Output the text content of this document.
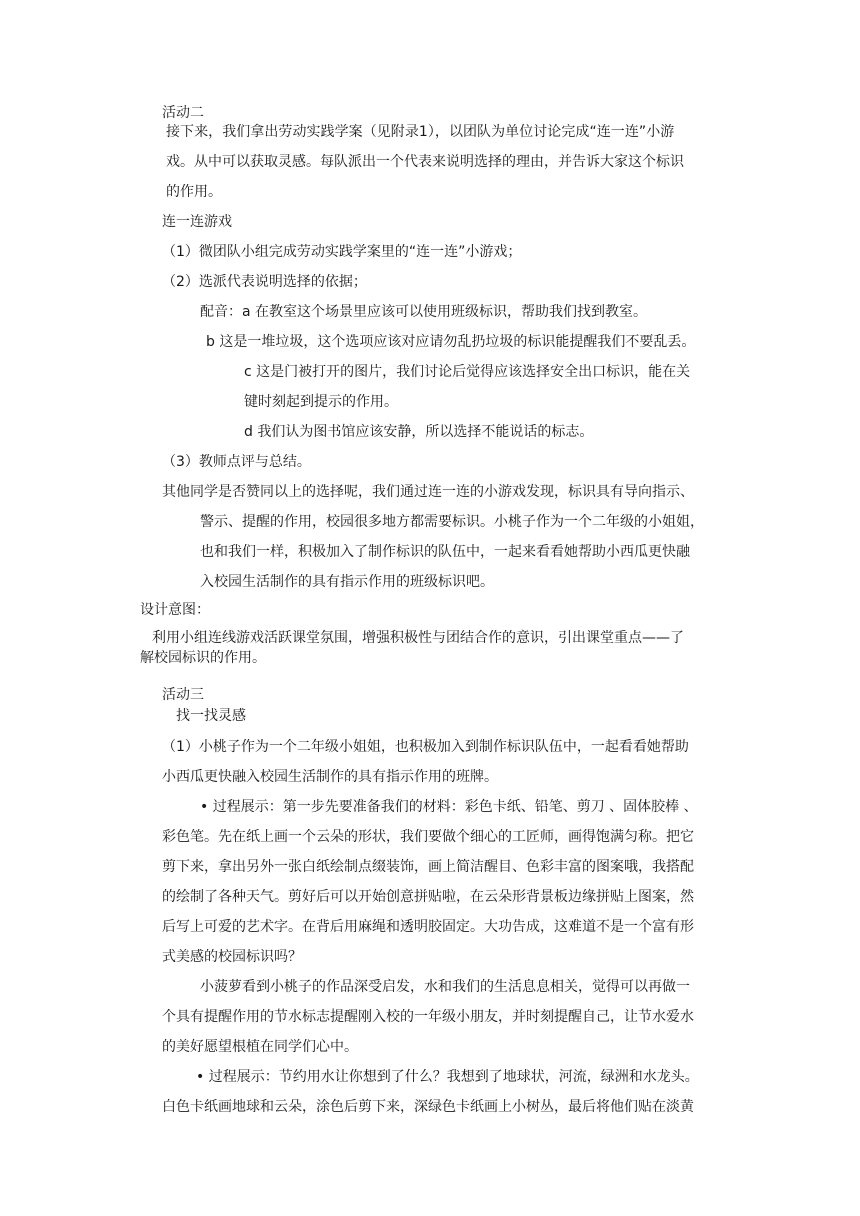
活动二
接下来，我们拿出劳动实践学案（见附录1），以团队为单位讨论完成“连一连”小游
戏。从中可以获取灵感。每队派出一个代表来说明选择的理由，并告诉大家这个标识
的作用。
连一连游戏
（1）微团队小组完成劳动实践学案里的“连一连”小游戏；
（2）选派代表说明选择的依据；
配音：a 在教室这个场景里应该可以使用班级标识，帮助我们找到教室。
b 这是一堆垃圾，这个选项应该对应请勿乱扔垃圾的标识能提醒我们不要乱丢。
c 这是门被打开的图片，我们讨论后觉得应该选择安全出口标识，能在关
键时刻起到提示的作用。
d 我们认为图书馆应该安静，所以选择不能说话的标志。
（3）教师点评与总结。
其他同学是否赞同以上的选择呢，我们通过连一连的小游戏发现，标识具有导向指示、
警示、提醒的作用，校园很多地方都需要标识。小桃子作为一个二年级的小姐姐，
也和我们一样，积极加入了制作标识的队伍中，一起来看看她帮助小西瓜更快融
入校园生活制作的具有指示作用的班级标识吧。
设计意图：
利用小组连线游戏活跃课堂氛围，增强积极性与团结合作的意识，引出课堂重点——了
解校园标识的作用。
活动三
找一找灵感
（1）小桃子作为一个二年级小姐姐，也积极加入到制作标识队伍中，一起看看她帮助
小西瓜更快融入校园生活制作的具有指示作用的班牌。
• 过程展示：第一步先要准备我们的材料：彩色卡纸、铅笔、剪刀 、固体胶棒 、
彩色笔。先在纸上画一个云朵的形状，我们要做个细心的工匠师，画得饱满匀称。把它
剪下来，拿出另外一张白纸绘制点缀装饰，画上简洁醒目、色彩丰富的图案哦，我搭配
的绘制了各种天气。剪好后可以开始创意拼贴啦，在云朵形背景板边缘拼贴上图案，然
后写上可爱的艺术字。在背后用麻绳和透明胶固定。大功告成，这难道不是一个富有形
式美感的校园标识吗？
小菠萝看到小桃子的作品深受启发，水和我们的生活息息相关，觉得可以再做一
个具有提醒作用的节水标志提醒刚入校的一年级小朋友，并时刻提醒自己，让节水爱水
的美好愿望根植在同学们心中。
• 过程展示：节约用水让你想到了什么？我想到了地球状，河流，绿洲和水龙头。
白色卡纸画地球和云朵，涂色后剪下来，深绿色卡纸画上小树丛，最后将他们贴在淡黄
